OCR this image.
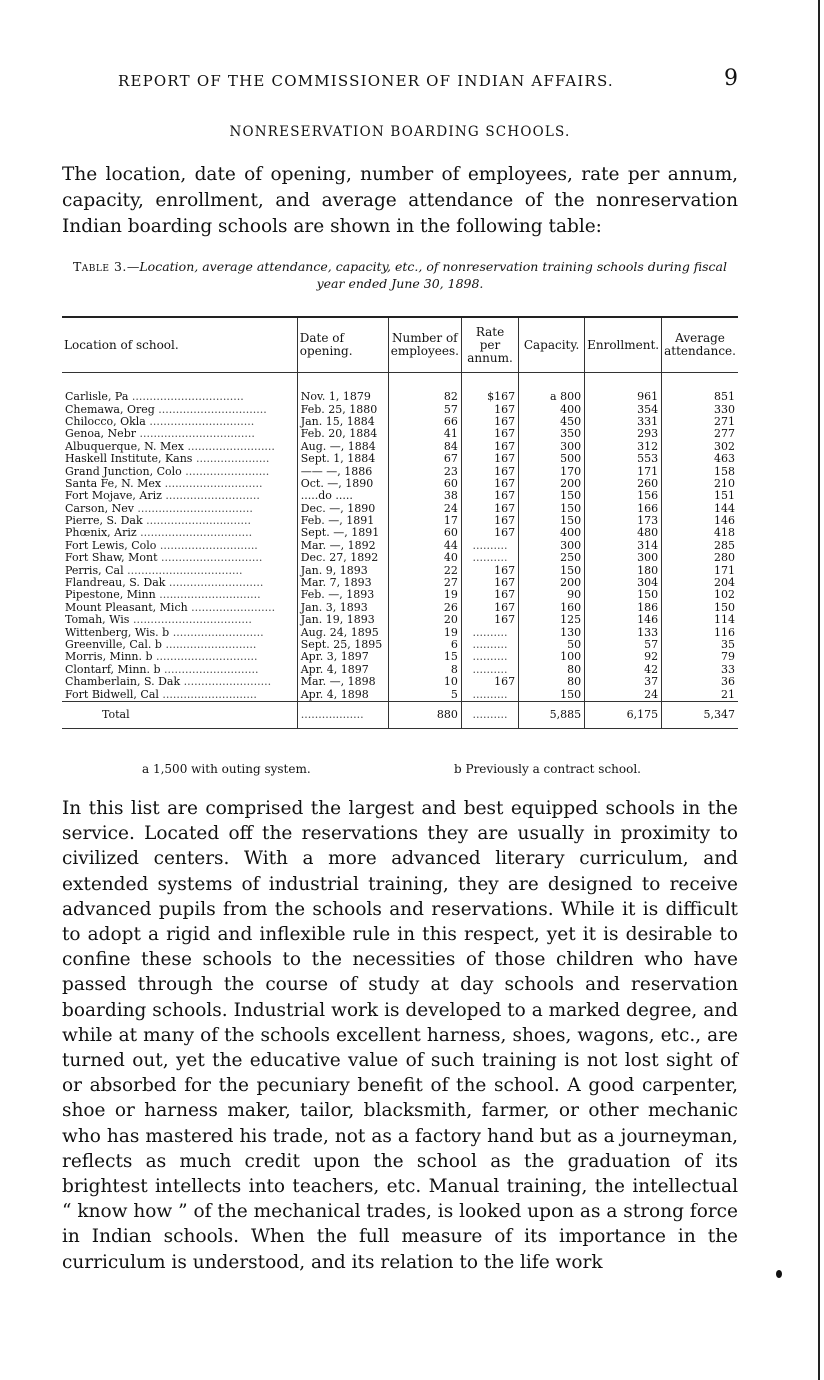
REPORT OF THE COMMISSIONER OF INDIAN AFFAIRS.	9
NONRESERVATION BOARDING SCHOOLS.
The location, date of opening, number of employees, rate per annum, capacity, enrollment, and average attendance of the nonreservation Indian boarding schools are shown in the following table:
Table 3.—Location, average attendance, capacity, etc., of nonreservation training schools during fiscal year ended June 30, 1898.
Location of school.	Date of opening.	Number of employees.	Rate per annum.	Capacity.	Enrollment.	Average attendance.

Carlisle, Pa ................................	Nov. 1, 1879	82	$167	a 800	961	851
Chemawa, Oreg ...............................	Feb. 25, 1880	57	167	400	354	330
Chilocco, Okla ..............................	Jan. 15, 1884	66	167	450	331	271
Genoa, Nebr .................................	Feb. 20, 1884	41	167	350	293	277
Albuquerque, N. Mex .........................	Aug. —, 1884	84	167	300	312	302
Haskell Institute, Kans .....................	Sept. 1, 1884	67	167	500	553	463
Grand Junction, Colo ........................	—— —, 1886	23	167	170	171	158
Santa Fe, N. Mex ............................	Oct. —, 1890	60	167	200	260	210
Fort Mojave, Ariz ...........................	.....do .....	38	167	150	156	151
Carson, Nev .................................	Dec. —, 1890	24	167	150	166	144
Pierre, S. Dak ..............................	Feb. —, 1891	17	167	150	173	146
Phœnix, Ariz ................................	Sept. —, 1891	60	167	400	480	418
Fort Lewis, Colo ............................	Mar. —, 1892	44	..........	300	314	285
Fort Shaw, Mont .............................	Dec. 27, 1892	40	..........	250	300	280
Perris, Cal .................................	Jan. 9, 1893	22	167	150	180	171
Flandreau, S. Dak ...........................	Mar. 7, 1893	27	167	200	304	204
Pipestone, Minn .............................	Feb. —, 1893	19	167	90	150	102
Mount Pleasant, Mich ........................	Jan. 3, 1893	26	167	160	186	150
Tomah, Wis ..................................	Jan. 19, 1893	20	167	125	146	114
Wittenberg, Wis. b ..........................	Aug. 24, 1895	19	..........	130	133	116
Greenville, Cal. b ..........................	Sept. 25, 1895	6	..........	50	57	35
Morris, Minn. b .............................	Apr. 3, 1897	15	..........	100	92	79
Clontarf, Minn. b ...........................	Apr. 4, 1897	8	..........	80	42	33
Chamberlain, S. Dak .........................	Mar. —, 1898	10	167	80	37	36
Fort Bidwell, Cal ...........................	Apr. 4, 1898	5	..........	150	24	21
Total	..................	880	..........	5,885	6,175	5,347
a 1,500 with outing system.	b Previously a contract school.

In this list are comprised the largest and best equipped schools in the service. Located off the reservations they are usually in proximity to civilized centers. With a more advanced literary curriculum, and extended systems of industrial training, they are designed to receive advanced pupils from the schools and reservations. While it is difficult to adopt a rigid and inflexible rule in this respect, yet it is desirable to confine these schools to the necessities of those children who have passed through the course of study at day schools and reservation boarding schools. Industrial work is developed to a marked degree, and while at many of the schools excellent harness, shoes, wagons, etc., are turned out, yet the educative value of such training is not lost sight of or absorbed for the pecuniary benefit of the school. A good carpenter, shoe or harness maker, tailor, blacksmith, farmer, or other mechanic who has mastered his trade, not as a factory hand but as a journeyman, reflects as much credit upon the school as the graduation of its brightest intellects into teachers, etc. Manual training, the intellectual “ know how ” of the mechanical trades, is looked upon as a strong force in Indian schools. When the full measure of its importance in the curriculum is understood, and its relation to the life work
